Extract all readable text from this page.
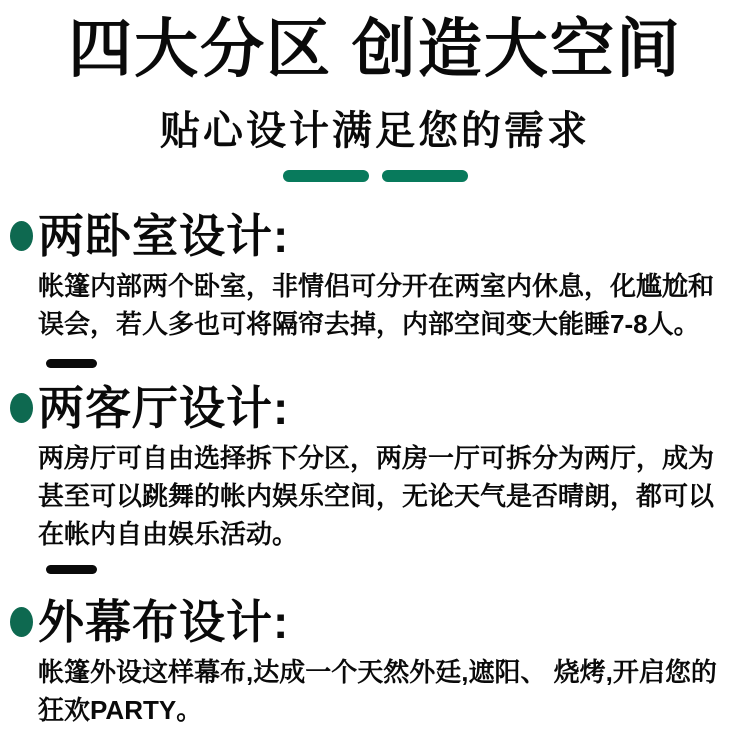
四大分区 创造大空间
贴心设计满足您的需求
两卧室设计:
帐篷内部两个卧室，非情侣可分开在两室内休息，化尴尬和误会，若人多也可将隔帘去掉，内部空间变大能睡7-8人。
两客厅设计:
两房厅可自由选择拆下分区，两房一厅可拆分为两厅，成为甚至可以跳舞的帐内娱乐空间，无论天气是否晴朗，都可以在帐内自由娱乐活动。
外幕布设计:
帐篷外设这样幕布,达成一个天然外廷,遮阳、 烧烤,开启您的狂欢PARTY。
